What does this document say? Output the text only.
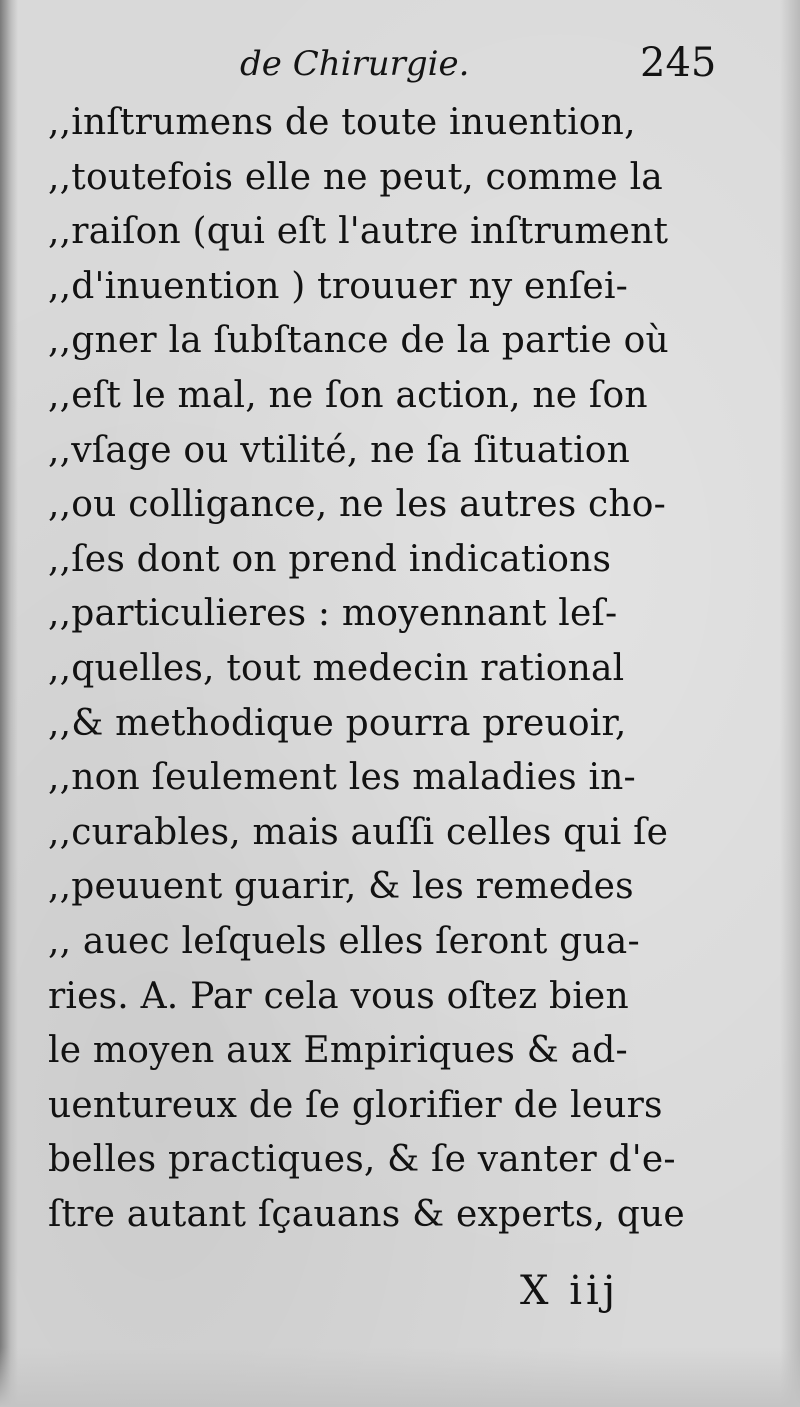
de Chirurgie.	245
,,inſtrumens de toute inuention,
,,toutefois elle ne peut, comme la
,,raiſon (qui eſt l'autre inſtrument
,,d'inuention ) trouuer ny enſei-
,,gner la ſubſtance de la partie où
,,eſt le mal, ne ſon action, ne ſon
,,vſage ou vtilité, ne ſa ſituation
,,ou colligance, ne les autres cho-
,,ſes dont on prend indications
,,particulieres : moyennant leſ-
,,quelles, tout medecin rational
,,& methodique pourra preuoir,
,,non ſeulement les maladies in-
,,curables, mais auſſi celles qui ſe
,,peuuent guarir, & les remedes
,, auec leſquels elles ſeront gua-
ries. A. Par cela vous oſtez bien
le moyen aux Empiriques & ad-
uentureux de ſe glorifier de leurs
belles practiques, & ſe vanter d'e-
ſtre autant ſçauans & experts, que
X iij
